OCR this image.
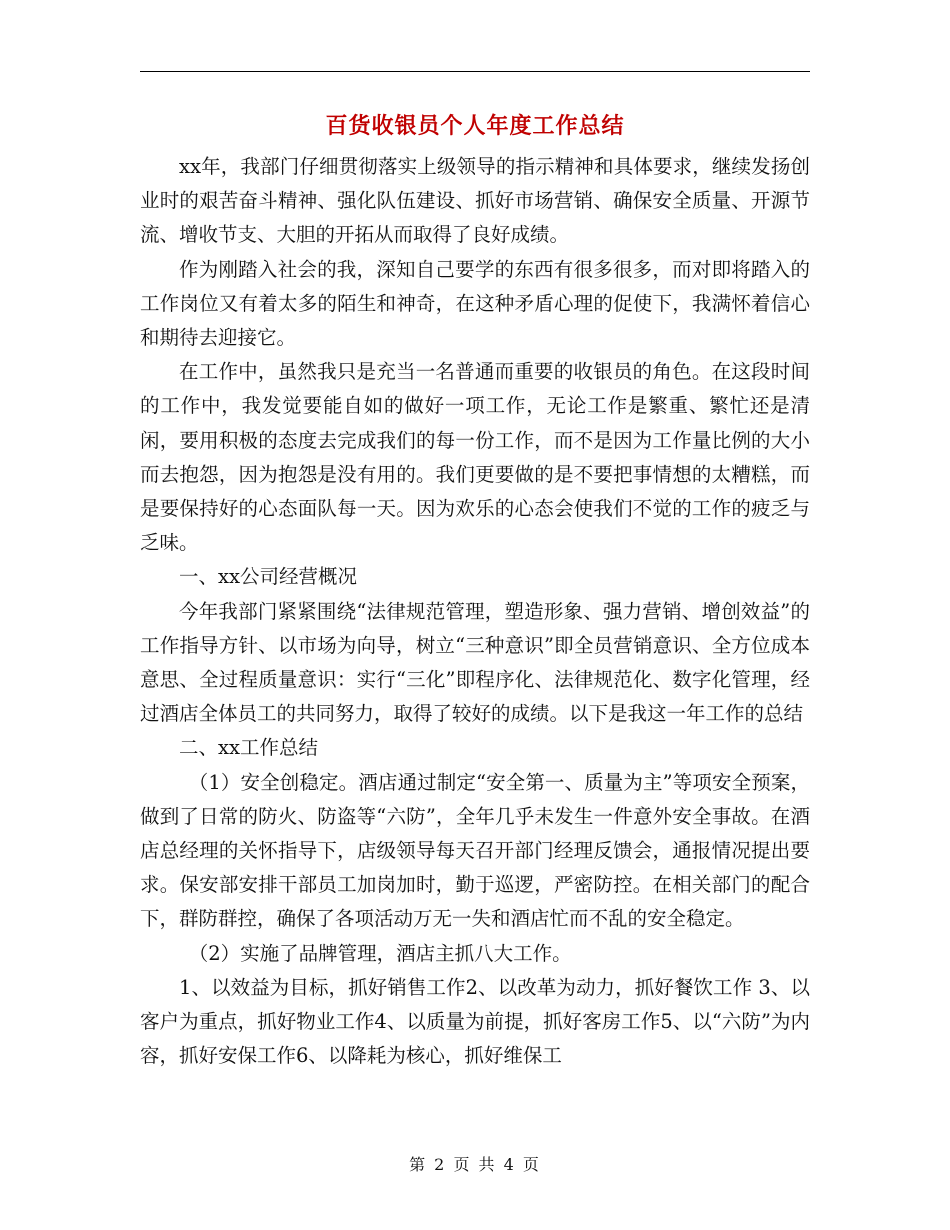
百货收银员个人年度工作总结

xx年，我部门仔细贯彻落实上级领导的指示精神和具体要求，继续发扬创业时的艰苦奋斗精神、强化队伍建设、抓好市场营销、确保安全质量、开源节流、增收节支、大胆的开拓从而取得了良好成绩。

作为刚踏入社会的我，深知自己要学的东西有很多很多，而对即将踏入的工作岗位又有着太多的陌生和神奇，在这种矛盾心理的促使下，我满怀着信心和期待去迎接它。

在工作中，虽然我只是充当一名普通而重要的收银员的角色。在这段时间的工作中，我发觉要能自如的做好一项工作，无论工作是繁重、繁忙还是清闲，要用积极的态度去完成我们的每一份工作，而不是因为工作量比例的大小而去抱怨，因为抱怨是没有用的。我们更要做的是不要把事情想的太糟糕，而是要保持好的心态面队每一天。因为欢乐的心态会使我们不觉的工作的疲乏与乏味。

一、xx公司经营概况

今年我部门紧紧围绕“法律规范管理，塑造形象、强力营销、增创效益”的工作指导方针、以市场为向导，树立“三种意识”即全员营销意识、全方位成本意思、全过程质量意识：实行“三化”即程序化、法律规范化、数字化管理，经过酒店全体员工的共同努力，取得了较好的成绩。以下是我这一年工作的总结

二、xx工作总结

（1）安全创稳定。酒店通过制定“安全第一、质量为主”等项安全预案，做到了日常的防火、防盗等“六防”，全年几乎未发生一件意外安全事故。在酒店总经理的关怀指导下，店级领导每天召开部门经理反馈会，通报情况提出要求。保安部安排干部员工加岗加时，勤于巡逻，严密防控。在相关部门的配合下，群防群控，确保了各项活动万无一失和酒店忙而不乱的安全稳定。

（2）实施了品牌管理，酒店主抓八大工作。

1、以效益为目标，抓好销售工作2、以改革为动力，抓好餐饮工作 3、以客户为重点，抓好物业工作4、以质量为前提，抓好客房工作5、以“六防”为内容，抓好安保工作6、以降耗为核心，抓好维保工

第 2 页 共 4 页
